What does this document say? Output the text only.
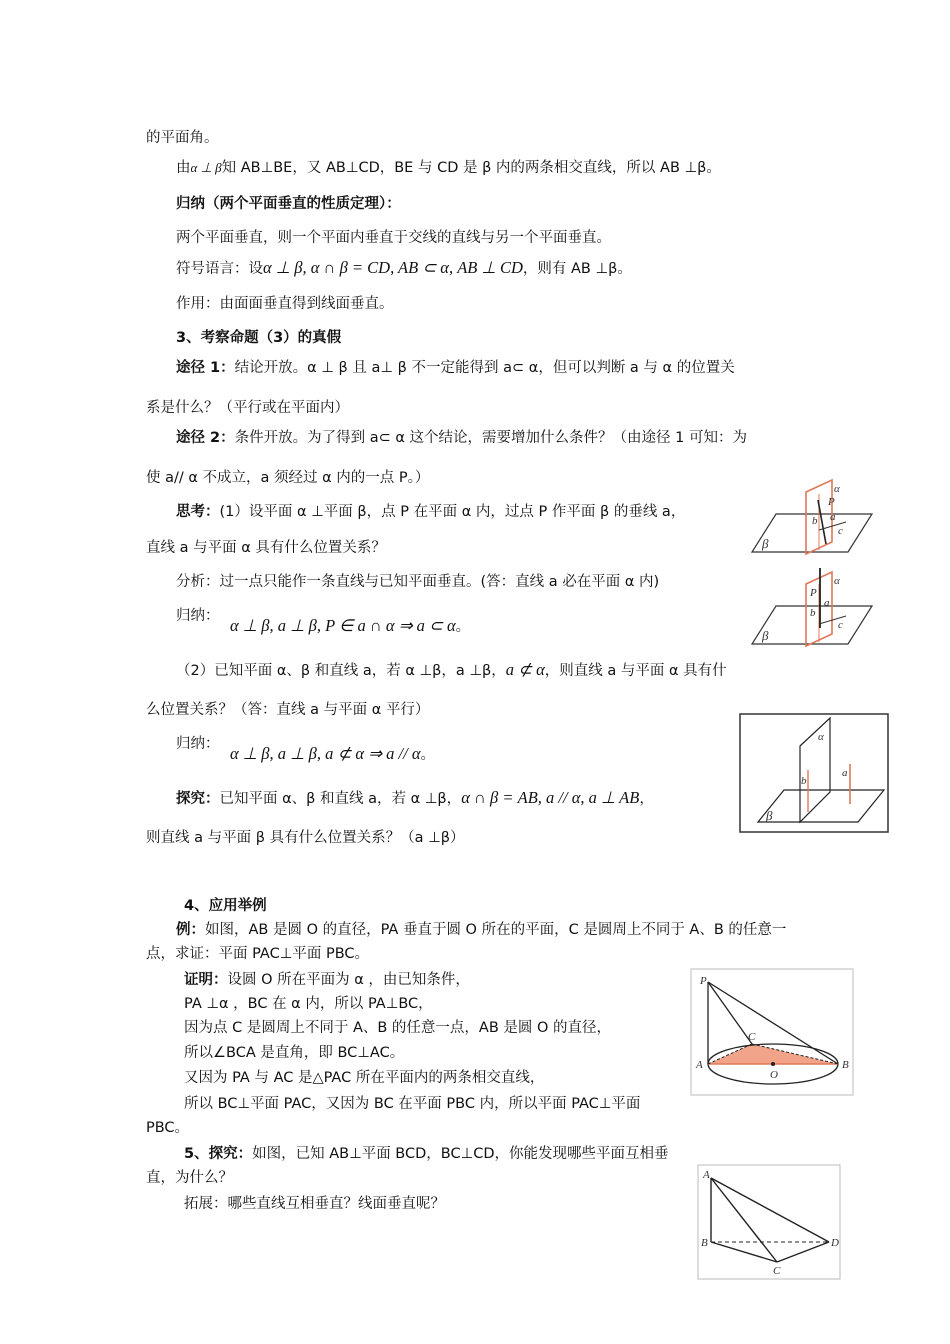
的平面角。
由α ⊥ β知 AB⊥BE，又 AB⊥CD，BE 与 CD 是 β 内的两条相交直线，所以 AB ⊥β。
归纳（两个平面垂直的性质定理）：
两个平面垂直，则一个平面内垂直于交线的直线与另一个平面垂直。
符号语言：设α ⊥ β, α ∩ β = CD, AB ⊂ α, AB ⊥ CD，则有 AB ⊥β。
作用：由面面垂直得到线面垂直。
3、考察命题（3）的真假
途径 1：结论开放。α ⊥ β 且 a⊥ β 不一定能得到 a⊂ α，但可以判断 a 与 α 的位置关
系是什么？（平行或在平面内）
途径 2：条件开放。为了得到 a⊂ α 这个结论，需要增加什么条件？（由途径 1 可知：为
使 a// α 不成立，a 须经过 α 内的一点 P。）
思考：(1）设平面 α ⊥平面 β，点 P 在平面 α 内，过点 P 作平面 β 的垂线 a，
直线 a 与平面 α 具有什么位置关系？
分析：过一点只能作一条直线与已知平面垂直。(答：直线 a 必在平面 α 内)
归纳： α ⊥ β, a ⊥ β, P ∈ a ∩ α ⇒ a ⊂ α。
（2）已知平面 α、β 和直线 a，若 α ⊥β，a ⊥β，a ⊄ α，则直线 a 与平面 α 具有什
么位置关系？（答：直线 a 与平面 α 平行）
归纳： α ⊥ β, a ⊥ β, a ⊄ α ⇒ a // α。
探究：已知平面 α、β 和直线 a，若 α ⊥β，α ∩ β = AB, a // α, a ⊥ AB，
则直线 a 与平面 β 具有什么位置关系？（a ⊥β）
4、应用举例
例：如图，AB 是圆 O 的直径，PA 垂直于圆 O 所在的平面，C 是圆周上不同于 A、B 的任意一
点，求证：平面 PAC⊥平面 PBC。
证明：设圆 O 所在平面为 α ，由已知条件，
PA ⊥α ，BC 在 α 内，所以 PA⊥BC，
因为点 C 是圆周上不同于 A、B 的任意一点，AB 是圆 O 的直径，
所以∠BCA 是直角，即 BC⊥AC。
又因为 PA 与 AC 是△PAC 所在平面内的两条相交直线，
所以 BC⊥平面 PAC，又因为 BC 在平面 PBC 内，所以平面 PAC⊥平面
PBC。
5、探究：如图，已知 AB⊥平面 BCD，BC⊥CD，你能发现哪些平面互相垂
直，为什么？
拓展：哪些直线互相垂直？线面垂直呢？
α
P
a
b
c
β
α
P
a
b
c
β
α
b
a
β
P
A	B
C
O
A
B
C
D
